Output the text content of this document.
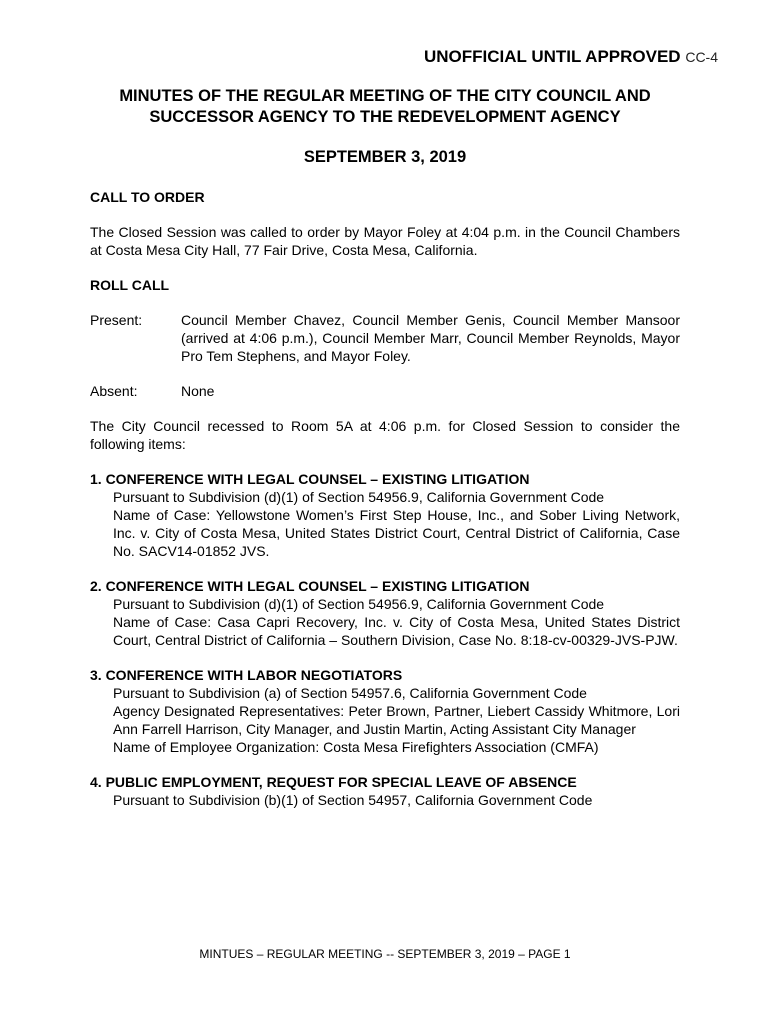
UNOFFICIAL UNTIL APPROVED CC-4
MINUTES OF THE REGULAR MEETING OF THE CITY COUNCIL AND
SUCCESSOR AGENCY TO THE REDEVELOPMENT AGENCY
SEPTEMBER 3, 2019

CALL TO ORDER

The Closed Session was called to order by Mayor Foley at 4:04 p.m. in the Council Chambers at Costa Mesa City Hall, 77 Fair Drive, Costa Mesa, California.

ROLL CALL

Present:	Council Member Chavez, Council Member Genis, Council Member Mansoor (arrived at 4:06 p.m.), Council Member Marr, Council Member Reynolds, Mayor Pro Tem Stephens, and Mayor Foley.
Absent:	None

The City Council recessed to Room 5A at 4:06 p.m. for Closed Session to consider the following items:

1. CONFERENCE WITH LEGAL COUNSEL – EXISTING LITIGATION
Pursuant to Subdivision (d)(1) of Section 54956.9, California Government Code
Name of Case: Yellowstone Women’s First Step House, Inc., and Sober Living Network, Inc. v. City of Costa Mesa, United States District Court, Central District of California, Case No. SACV14-01852 JVS.
2. CONFERENCE WITH LEGAL COUNSEL – EXISTING LITIGATION
Pursuant to Subdivision (d)(1) of Section 54956.9, California Government Code
Name of Case: Casa Capri Recovery, Inc. v. City of Costa Mesa, United States District Court, Central District of California – Southern Division, Case No. 8:18-cv-00329-JVS-PJW.
3. CONFERENCE WITH LABOR NEGOTIATORS
Pursuant to Subdivision (a) of Section 54957.6, California Government Code
Agency Designated Representatives: Peter Brown, Partner, Liebert Cassidy Whitmore, Lori Ann Farrell Harrison, City Manager, and Justin Martin, Acting Assistant City Manager
Name of Employee Organization: Costa Mesa Firefighters Association (CMFA)
4. PUBLIC EMPLOYMENT, REQUEST FOR SPECIAL LEAVE OF ABSENCE
Pursuant to Subdivision (b)(1) of Section 54957, California Government Code
MINTUES – REGULAR MEETING -- SEPTEMBER 3, 2019 – PAGE 1
